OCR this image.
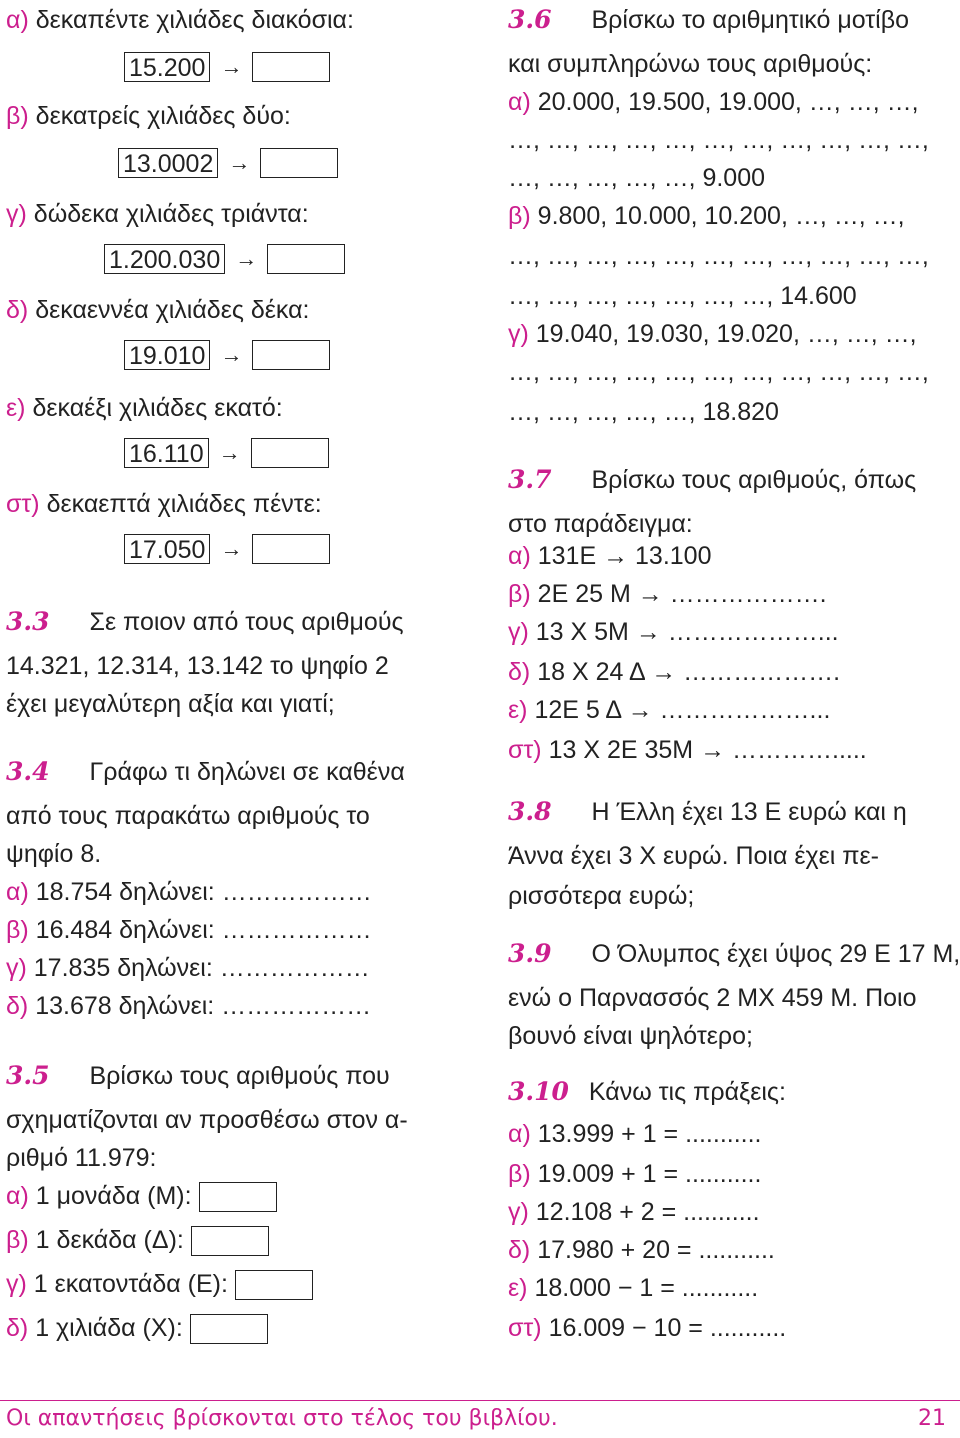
α) δεκαπέντε χιλιάδες διακόσια:
15.200 →
β) δεκατρείς χιλιάδες δύο:
13.0002 →
γ) δώδεκα χιλιάδες τριάντα:
1.200.030 →
δ) δεκαεννέα χιλιάδες δέκα:
19.010 →
ε) δεκαέξι χιλιάδες εκατό:
16.110 →
στ) δεκαεπτά χιλιάδες πέντε:
17.050 →
3.3 Σε ποιον από τους αριθμούς
14.321, 12.314, 13.142 το ψηφίο 2
έχει μεγαλύτερη αξία και γιατί;
3.4 Γράφω τι δηλώνει σε καθένα
από τους παρακάτω αριθμούς το
ψηφίο 8.
α) 18.754 δηλώνει: ………………
β) 16.484 δηλώνει: ………………
γ) 17.835 δηλώνει: ………………
δ) 13.678 δηλώνει: ………………
3.5 Βρίσκω τους αριθμούς που
σχηματίζονται αν προσθέσω στον α-
ριθμό 11.979:
α) 1 μονάδα (Μ):
β) 1 δεκάδα (Δ):
γ) 1 εκατοντάδα (Ε):
δ) 1 χιλιάδα (Χ):
3.6 Βρίσκω το αριθμητικό μοτίβο
και συμπληρώνω τους αριθμούς:
α) 20.000, 19.500, 19.000, …, …, …,
…, …, …, …, …, …, …, …, …, …, …,
…, …, …, …, …, 9.000
β) 9.800, 10.000, 10.200, …, …, …,
…, …, …, …, …, …, …, …, …, …, …,
…, …, …, …, …, …, …, 14.600
γ) 19.040, 19.030, 19.020, …, …, …,
…, …, …, …, …, …, …, …, …, …, …,
…, …, …, …, …, 18.820
3.7 Βρίσκω τους αριθμούς, όπως
στο παράδειγμα:
α) 131Ε → 13.100
β) 2Ε 25 Μ → ……………….
γ) 13 Χ 5Μ → ………………...
δ) 18 Χ 24 Δ → ……………….
ε) 12Ε 5 Δ → ………………...
στ) 13 Χ 2Ε 35Μ → ………….....
3.8 Η Έλλη έχει 13 Ε ευρώ και η
Άννα έχει 3 Χ ευρώ. Ποια έχει πε-
ρισσότερα ευρώ;
3.9 Ο Όλυμπος έχει ύψος 29 Ε 17 Μ,
ενώ ο Παρνασσός 2 ΜΧ 459 Μ. Ποιο
βουνό είναι ψηλότερο;
3.10 Κάνω τις πράξεις:
α) 13.999 + 1 = ...........
β) 19.009 + 1 = ...........
γ) 12.108 + 2 = ...........
δ) 17.980 + 20 = ...........
ε) 18.000 − 1 = ...........
στ) 16.009 − 10 = ...........
Οι απαντήσεις βρίσκονται στο τέλος του βιβλίου.	21
